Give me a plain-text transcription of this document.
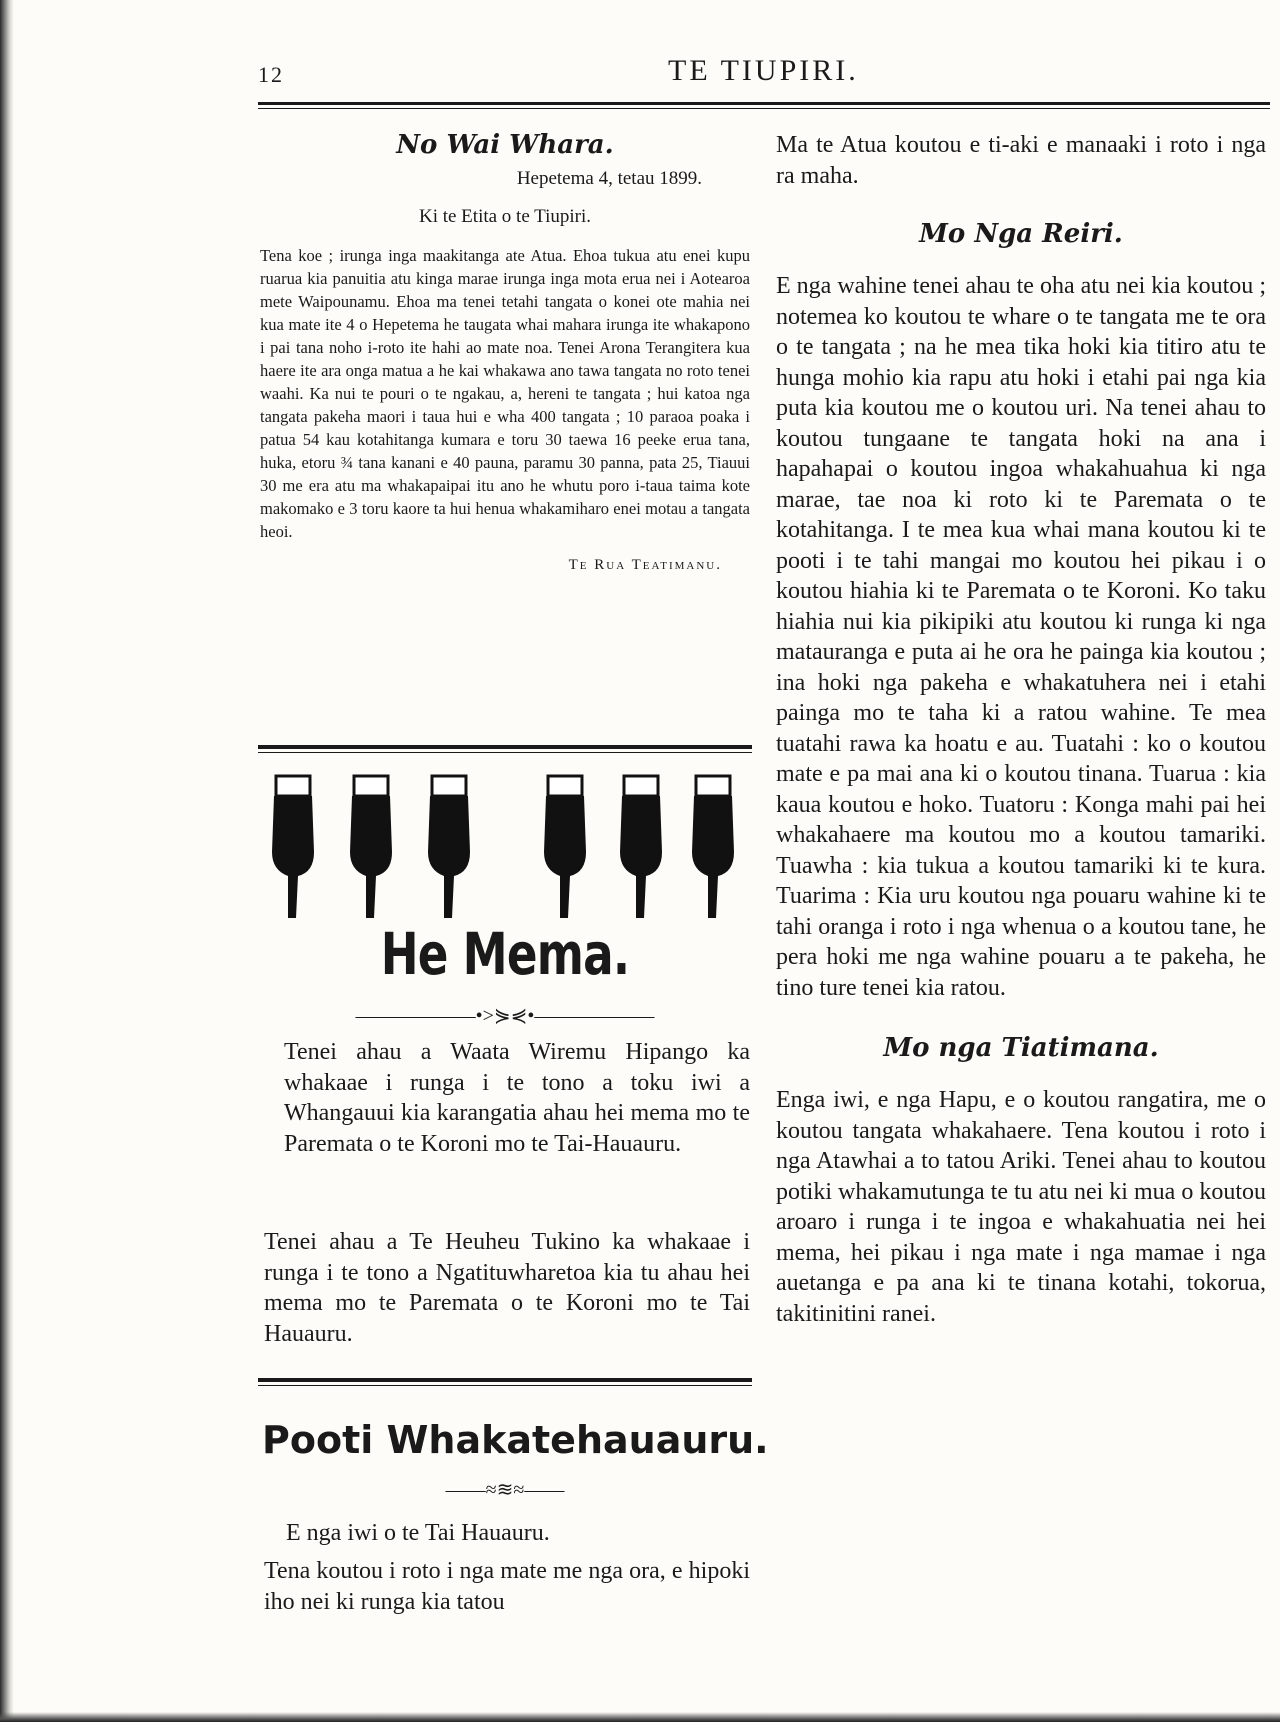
12	TE TIUPIRI.
No Wai Whara.
Hepetema 4, tetau 1899.
Ki te Etita o te Tiupiri.
Tena koe ; irunga inga maakitanga ate Atua. Ehoa tukua atu enei kupu ruarua kia panuitia atu kinga marae irunga inga mota erua nei i Aotearoa mete Waipounamu. Ehoa ma tenei tetahi tangata o konei ote mahia nei kua mate ite 4 o Hepetema he taugata whai mahara irunga ite whakapono i pai tana noho i-roto ite hahi ao mate noa. Tenei Arona Terangitera kua haere ite ara onga matua a he kai whakawa ano tawa tangata no roto tenei waahi. Ka nui te pouri o te ngakau, a, hereni te tangata ; hui katoa nga tangata pakeha maori i taua hui e wha 400 tangata ; 10 paraoa poaka i patua 54 kau kotahitanga kumara e toru 30 taewa 16 peeke erua tana, huka, etoru ¾ tana kanani e 40 pauna, paramu 30 panna, pata 25, Tiauui 30 me era atu ma whakapaipai itu ano he whutu poro i-taua taima kote makomako e 3 toru kaore ta hui henua whakamiharo enei motau a tangata heoi.
Te Rua Teatimanu.
He Mema.
——————•>⋟⋞•——————
Tenei ahau a Waata Wiremu Hipango ka whakaae i runga i te tono a toku iwi a Whangauui kia karangatia ahau hei mema mo te Paremata o te Koroni mo te Tai-Hauauru.
Tenei ahau a Te Heuheu Tukino ka whakaae i runga i te tono a Ngatituwharetoa kia tu ahau hei mema mo te Paremata o te Koroni mo te Tai Hauauru.
Pooti Whakatehauauru.
——≈≋≈——
E nga iwi o te Tai Hauauru.
Tena koutou i roto i nga mate me nga ora, e hipoki iho nei ki runga kia tatou
Ma te Atua koutou e ti-aki e manaaki i roto i nga ra maha.
Mo Nga Reiri.
E nga wahine tenei ahau te oha atu nei kia koutou ; notemea ko koutou te whare o te tangata me te ora o te tangata ; na he mea tika hoki kia titiro atu te hunga mohio kia rapu atu hoki i etahi pai nga kia puta kia koutou me o koutou uri. Na tenei ahau to koutou tungaane te tangata hoki na ana i hapahapai o koutou ingoa whakahuahua ki nga marae, tae noa ki roto ki te Paremata o te kotahitanga. I te mea kua whai mana koutou ki te pooti i te tahi mangai mo koutou hei pikau i o koutou hiahia ki te Paremata o te Koroni. Ko taku hiahia nui kia pikipiki atu koutou ki runga ki nga matauranga e puta ai he ora he painga kia koutou ; ina hoki nga pakeha e whakatuhera nei i etahi painga mo te taha ki a ratou wahine. Te mea tuatahi rawa ka hoatu e au. Tuatahi : ko o koutou mate e pa mai ana ki o koutou tinana. Tuarua : kia kaua koutou e hoko. Tuatoru : Konga mahi pai hei whakahaere ma koutou mo a koutou tamariki. Tuawha : kia tukua a koutou tamariki ki te kura. Tuarima : Kia uru koutou nga pouaru wahine ki te tahi oranga i roto i nga whenua o a koutou tane, he pera hoki me nga wahine pouaru a te pakeha, he tino ture tenei kia ratou.
Mo nga Tiatimana.
Enga iwi, e nga Hapu, e o koutou rangatira, me o koutou tangata whakahaere. Tena koutou i roto i nga Atawhai a to tatou Ariki. Tenei ahau to koutou potiki whakamutunga te tu atu nei ki mua o koutou aroaro i runga i te ingoa e whakahuatia nei hei mema, hei pikau i nga mate i nga mamae i nga auetanga e pa ana ki te tinana kotahi, tokorua, takitinitini ranei.
